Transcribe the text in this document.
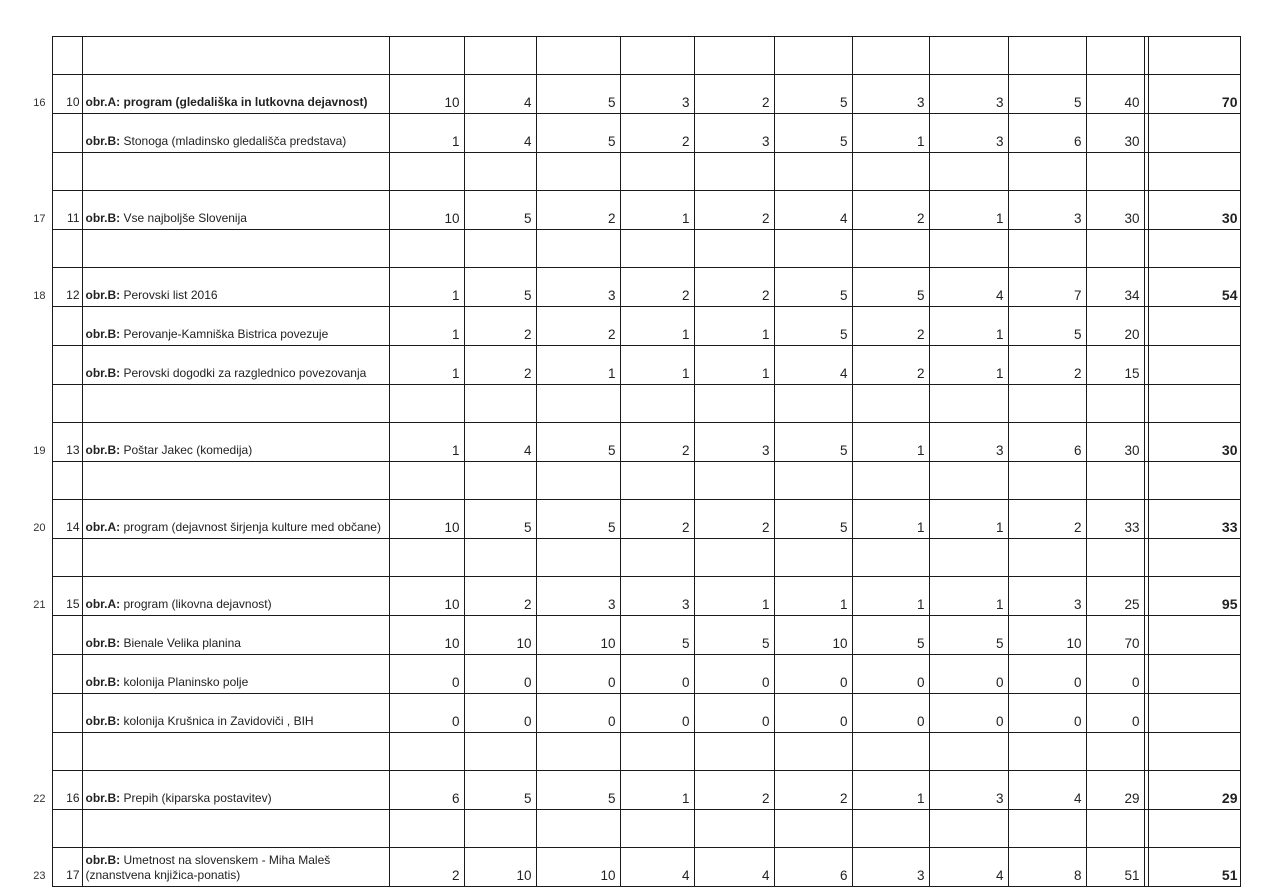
16	10	obr.A: program (gledališka in lutkovna dejavnost)	10	4	5	3	2	5	3	3	5	40		70
		obr.B: Stonoga (mladinsko gledališča predstava)	1	4	5	2	3	5	1	3	6	30		

17	11	obr.B: Vse najboljše Slovenija	10	5	2	1	2	4	2	1	3	30		30

18	12	obr.B: Perovski list 2016	1	5	3	2	2	5	5	4	7	34		54
		obr.B: Perovanje-Kamniška Bistrica povezuje	1	2	2	1	1	5	2	1	5	20		
		obr.B: Perovski dogodki za razglednico povezovanja	1	2	1	1	1	4	2	1	2	15		

19	13	obr.B: Poštar Jakec (komedija)	1	4	5	2	3	5	1	3	6	30		30

20	14	obr.A: program (dejavnost širjenja kulture med občane)	10	5	5	2	2	5	1	1	2	33		33

21	15	obr.A: program (likovna dejavnost)	10	2	3	3	1	1	1	1	3	25		95
		obr.B: Bienale Velika planina	10	10	10	5	5	10	5	5	10	70		
		obr.B: kolonija Planinsko polje	0	0	0	0	0	0	0	0	0	0		
		obr.B: kolonija Krušnica in Zavidoviči , BIH	0	0	0	0	0	0	0	0	0	0		

22	16	obr.B: Prepih (kiparska postavitev)	6	5	5	1	2	2	1	3	4	29		29

23	17	obr.B: Umetnost na slovenskem - Miha Maleš (znanstvena knjižica-ponatis)	2	10	10	4	4	6	3	4	8	51		51
